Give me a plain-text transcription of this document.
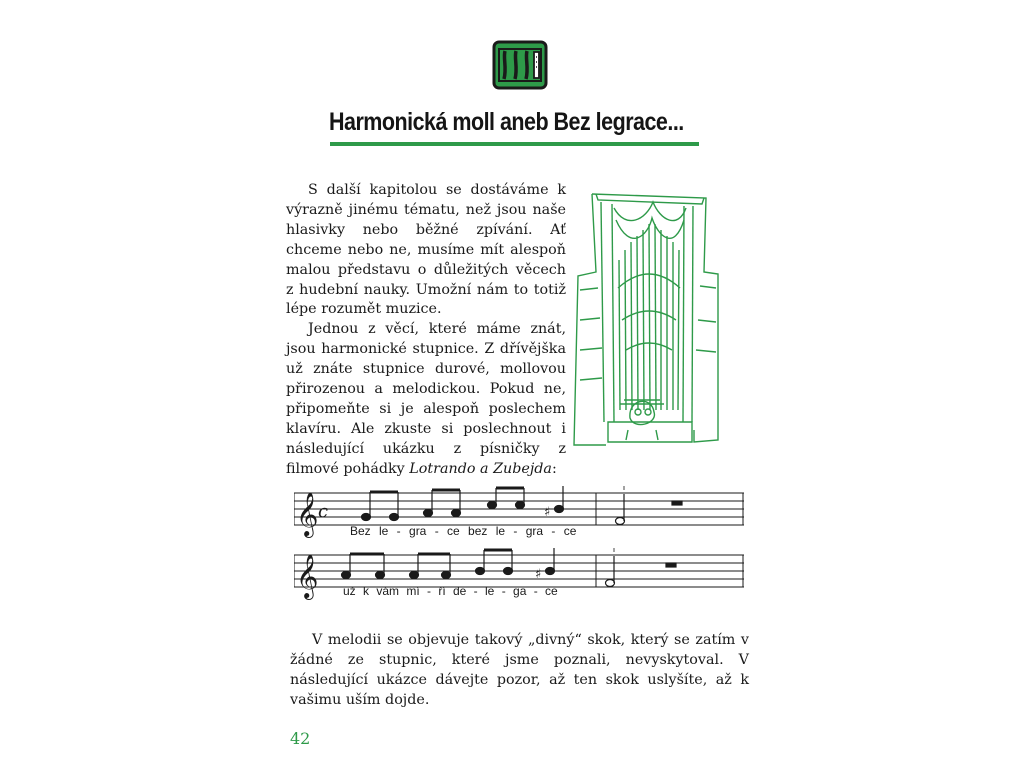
Harmonická moll aneb Bez legrace...

S další kapitolou se dostáváme k výrazně jinému tématu, než jsou naše hlasivky nebo běžné zpívání. Ať chceme nebo ne, musíme mít alespoň malou představu o důležitých věcech z hudební nauky. Umožní nám to totiž lépe rozumět muzice.

Jednou z věcí, které máme znát, jsou harmonické stupnice. Z dřívějška už znáte stupnice durové, mollovou přirozenou a melodickou. Pokud ne, připomeňte si je alespoň poslechem klavíru. Ale zkuste si poslechnout i následující ukázku z písničky z filmové pohádky Lotrando a Zubejda:

𝄞 c	♯
Bez le - gra - ce bez le - gra - ce
𝄞	♯
už k vám mí - ří de - le - ga - ce

V melodii se objevuje takový „divný“ skok, který se zatím v žádné ze stupnic, které jsme poznali, nevyskytoval. V následující ukázce dávejte pozor, až ten skok uslyšíte, až k vašimu uším dojde.

42
